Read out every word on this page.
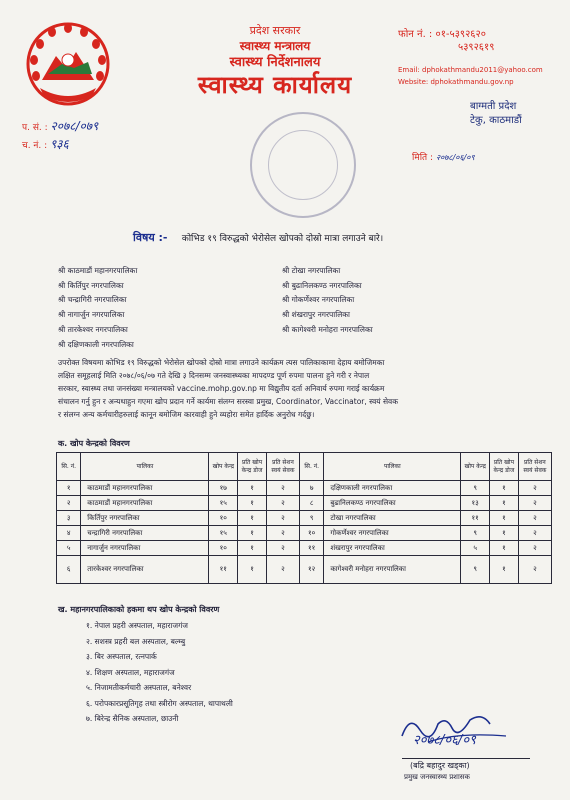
प्रदेश सरकार
स्वास्थ्य मन्त्रालय
स्वास्थ्य निर्देशनालय
स्वास्थ्य कार्यालय
फोन नं. : ०१-५३९२६२०
५३९२६१९
Email: dphokathmandu2011@yahoo.com
Website: dphokathmandu.gov.np
बाग्मती प्रदेश
टेकु, काठमाडौं
प. सं. : २०७८/०७९
च. नं. : ९३६
मिति : २०७८/०६/०९
विषय :- कोभिड १९ विरुद्धको भेरोसेल खोपको दोस्रो मात्रा लगाउने बारे।
श्री काठमाडौं महानगरपालिका
श्री किर्तिपुर नगरपालिका
श्री चन्द्रागिरी नगरपालिका
श्री नागार्जुन नगरपालिका
श्री तारकेश्वर नगरपालिका
श्री दक्षिणकाली नगरपालिका
श्री टोखा नगरपालिका
श्री बुढानिलकण्ठ नगरपालिका
श्री गोकर्णेश्वर नगरपालिका
श्री शंखरापुर नगरपालिका
श्री कागेश्वरी मनोहरा नगरपालिका
उपरोक्त विषयमा कोभिड १९ विरुद्धको भेरोसेल खोपको दोस्रो मात्रा लगाउने कार्यक्रम त्यस पालिकाकामा देहाय बमोजिमका
लक्षित समूहलाई मिति २०७८/०६/०७ गते देखि ३ दिनसम्म जनस्वास्थ्यका मापदण्ड पूर्ण रुपमा पालना हुने गरी र नेपाल
सरकार, स्वास्थ्य तथा जनसंख्या मन्त्रालयको vaccine.mohp.gov.np मा विद्युतीय दर्ता अनिवार्य रुपमा गराई कार्यक्रम
संचालन गर्नु हुन र अन्यथाहुन गएमा खोप प्रदान गर्ने कार्यमा संलग्न सरस्वा प्रमुख, Coordinator, Vaccinator, स्वयं सेवक
र संलग्न अन्य कर्मचारीहरुलाई कानून बमोजिम कारवाही हुने व्यहोरा समेत हार्दिक अनुरोध गर्दछु।
क. खोप केन्द्रको विवरण
सि. नं.	पालिका	खोप केन्द्र	प्रति खोप केन्द्र डोज	प्रति सेशन स्वयं सेवक	सि. नं.	पालिका	खोप केन्द्र	प्रति खोप केन्द्र डोज	प्रति सेशन स्वयं सेवक
१	काठमाडौं महानगरपालिका	१७	१	२	७	दक्षिणकाली नगरपालिका	९	१	२
२	काठमाडौं महानगरपालिका	१५	१	२	८	बुढानिलकण्ठ नगरपालिका	१३	१	२
३	किर्तिपुर नगरपालिका	१०	१	२	९	टोखा नगरपालिका	११	१	२
४	चन्द्रागिरी नगरपालिका	१५	१	२	१०	गोकर्णेश्वर नगरपालिका	९	१	२
५	नागार्जुन नगरपालिका	१०	१	२	११	शंखरापुर नगरपालिका	५	१	२
६	तारकेश्वर नगरपालिका	११	१	२	१२	कागेश्वरी मनोहरा नगरपालिका	९	१	२
ख. महानगरपालिकाको हकमा थप खोप केन्द्रको विवरण
१. नेपाल प्रहरी अस्पताल, महाराजगंज
२. सशस्त्र प्रहरी बल अस्पताल, बल्म्बु
३. बिर अस्पताल, रत्नपार्क
४. शिक्षण अस्पताल, महाराजगंज
५. निजामतीकर्मचारी अस्पताल, बनेश्वर
६. परोपकारप्रसूतिगृह तथा स्त्रीरोग अस्पताल, थापाथली
७. बिरेन्द्र सैनिक अस्पताल, छाउनी
२०७८/०६/०९
(बद्रि बहादुर खड्का)
प्रमुख जनस्वास्थ्य प्रशासक
